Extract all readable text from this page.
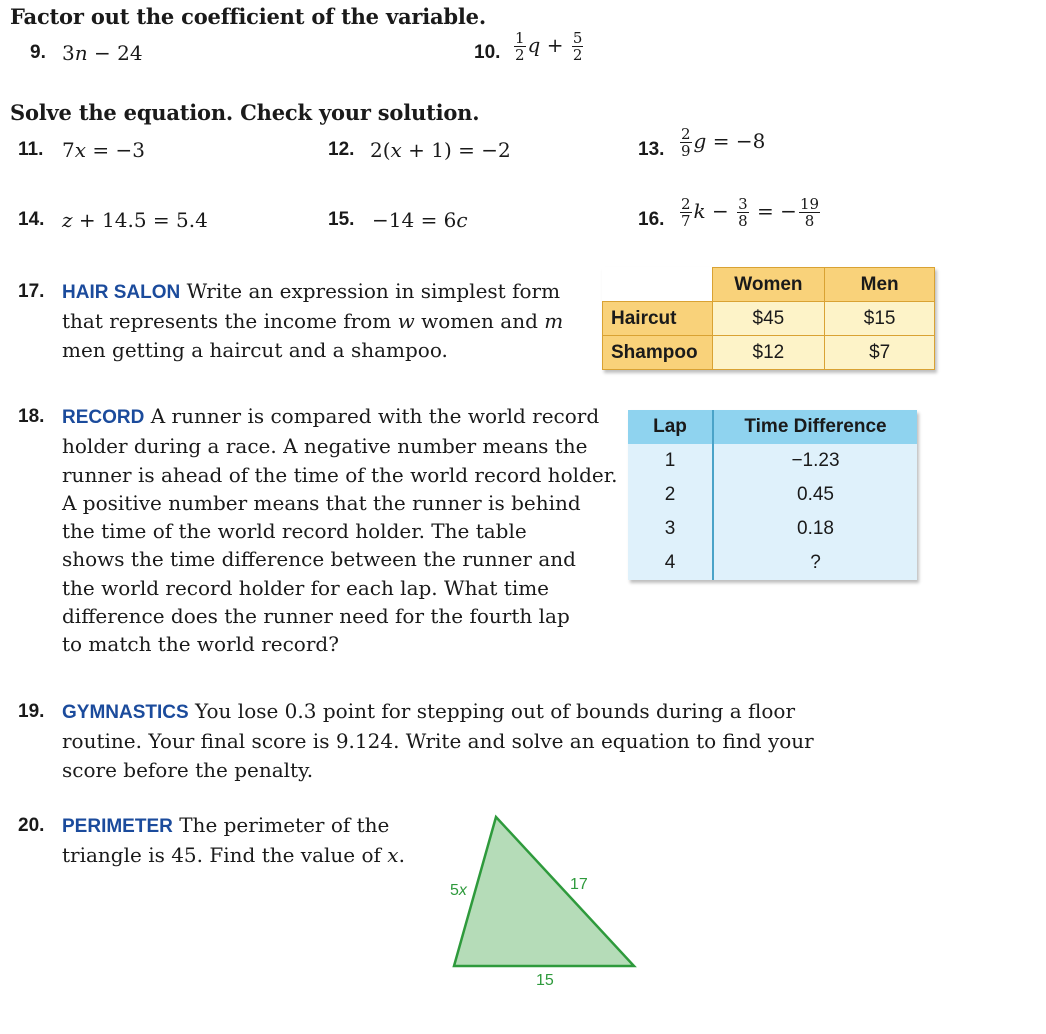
Factor out the coefficient of the variable.
9. 3n − 24	10. $\frac{1}{2}$ $q + \frac{5}{2}$
Solve the equation. Check your solution.
11. 7x = −3	12. 2(x + 1) = −2	13. $\frac{2}{9}$ g = −8
14. z + 14.5 = 5.4	15. −14 = 6c	16. $\frac{2}{7}$ $k - \frac{3}{8}$ = − $\frac{19}{8}$
17. HAIR SALON Write an expression in simplest form
that represents the income from w women and m
men getting a haircut and a shampoo.
	Women	Men
Haircut	$45	$15
Shampoo	$12	$7
18. RECORD A runner is compared with the world record
holder during a race. A negative number means the
runner is ahead of the time of the world record holder.
A positive number means that the runner is behind
the time of the world record holder. The table
shows the time difference between the runner and
the world record holder for each lap. What time
difference does the runner need for the fourth lap
to match the world record?
Lap	Time Difference
1	−1.23
2	0.45
3	0.18
4	?
19. GYMNASTICS You lose 0.3 point for stepping out of bounds during a floor
routine. Your final score is 9.124. Write and solve an equation to find your
score before the penalty.
20. PERIMETER The perimeter of the
triangle is 45. Find the value of x.
5x	17
15
